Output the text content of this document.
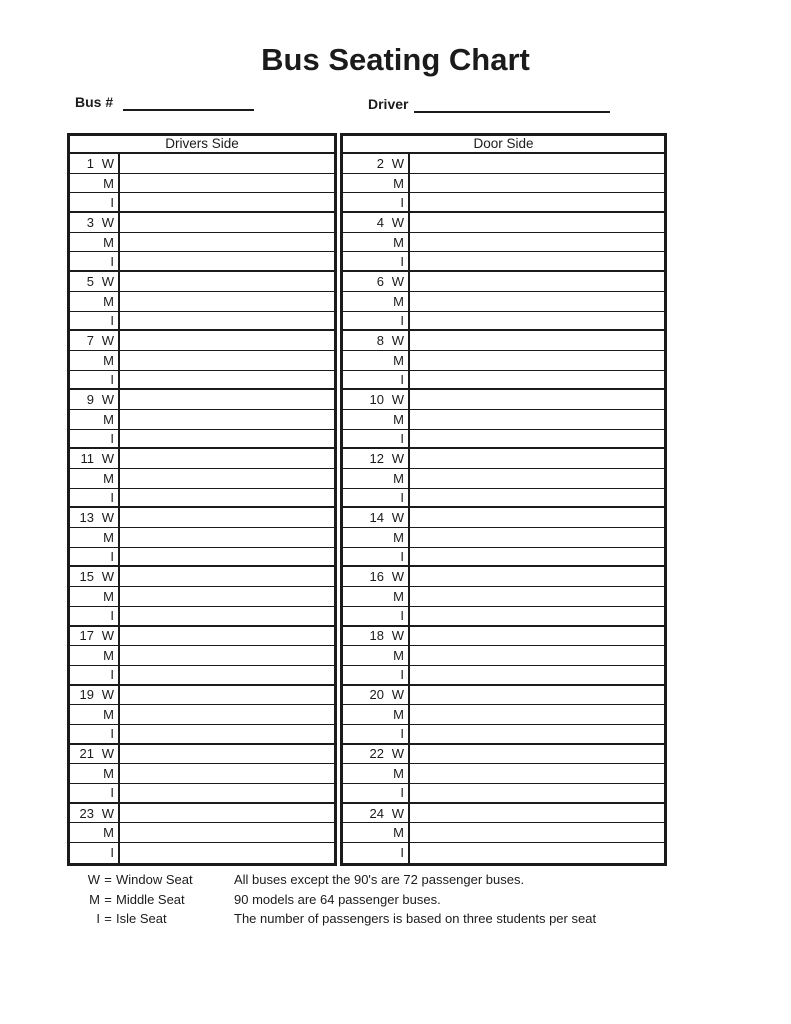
Bus Seating Chart
Bus #	Driver
Drivers Side
1 W
M
I
3 W
M
I
5 W
M
I
7 W
M
I
9 W
M
I
11 W
M
I
13 W
M
I
15 W
M
I
17 W
M
I
19 W
M
I
21 W
M
I
23 W
M
I
Door Side
2 W
M
I
4 W
M
I
6 W
M
I
8 W
M
I
10 W
M
I
12 W
M
I
14 W
M
I
16 W
M
I
18 W
M
I
20 W
M
I
22 W
M
I
24 W
M
I
W = Window Seat	All buses except the 90's are 72 passenger buses.
M = Middle Seat	90 models are 64 passenger buses.
I = Isle Seat	The number of passengers is based on three students per seat
